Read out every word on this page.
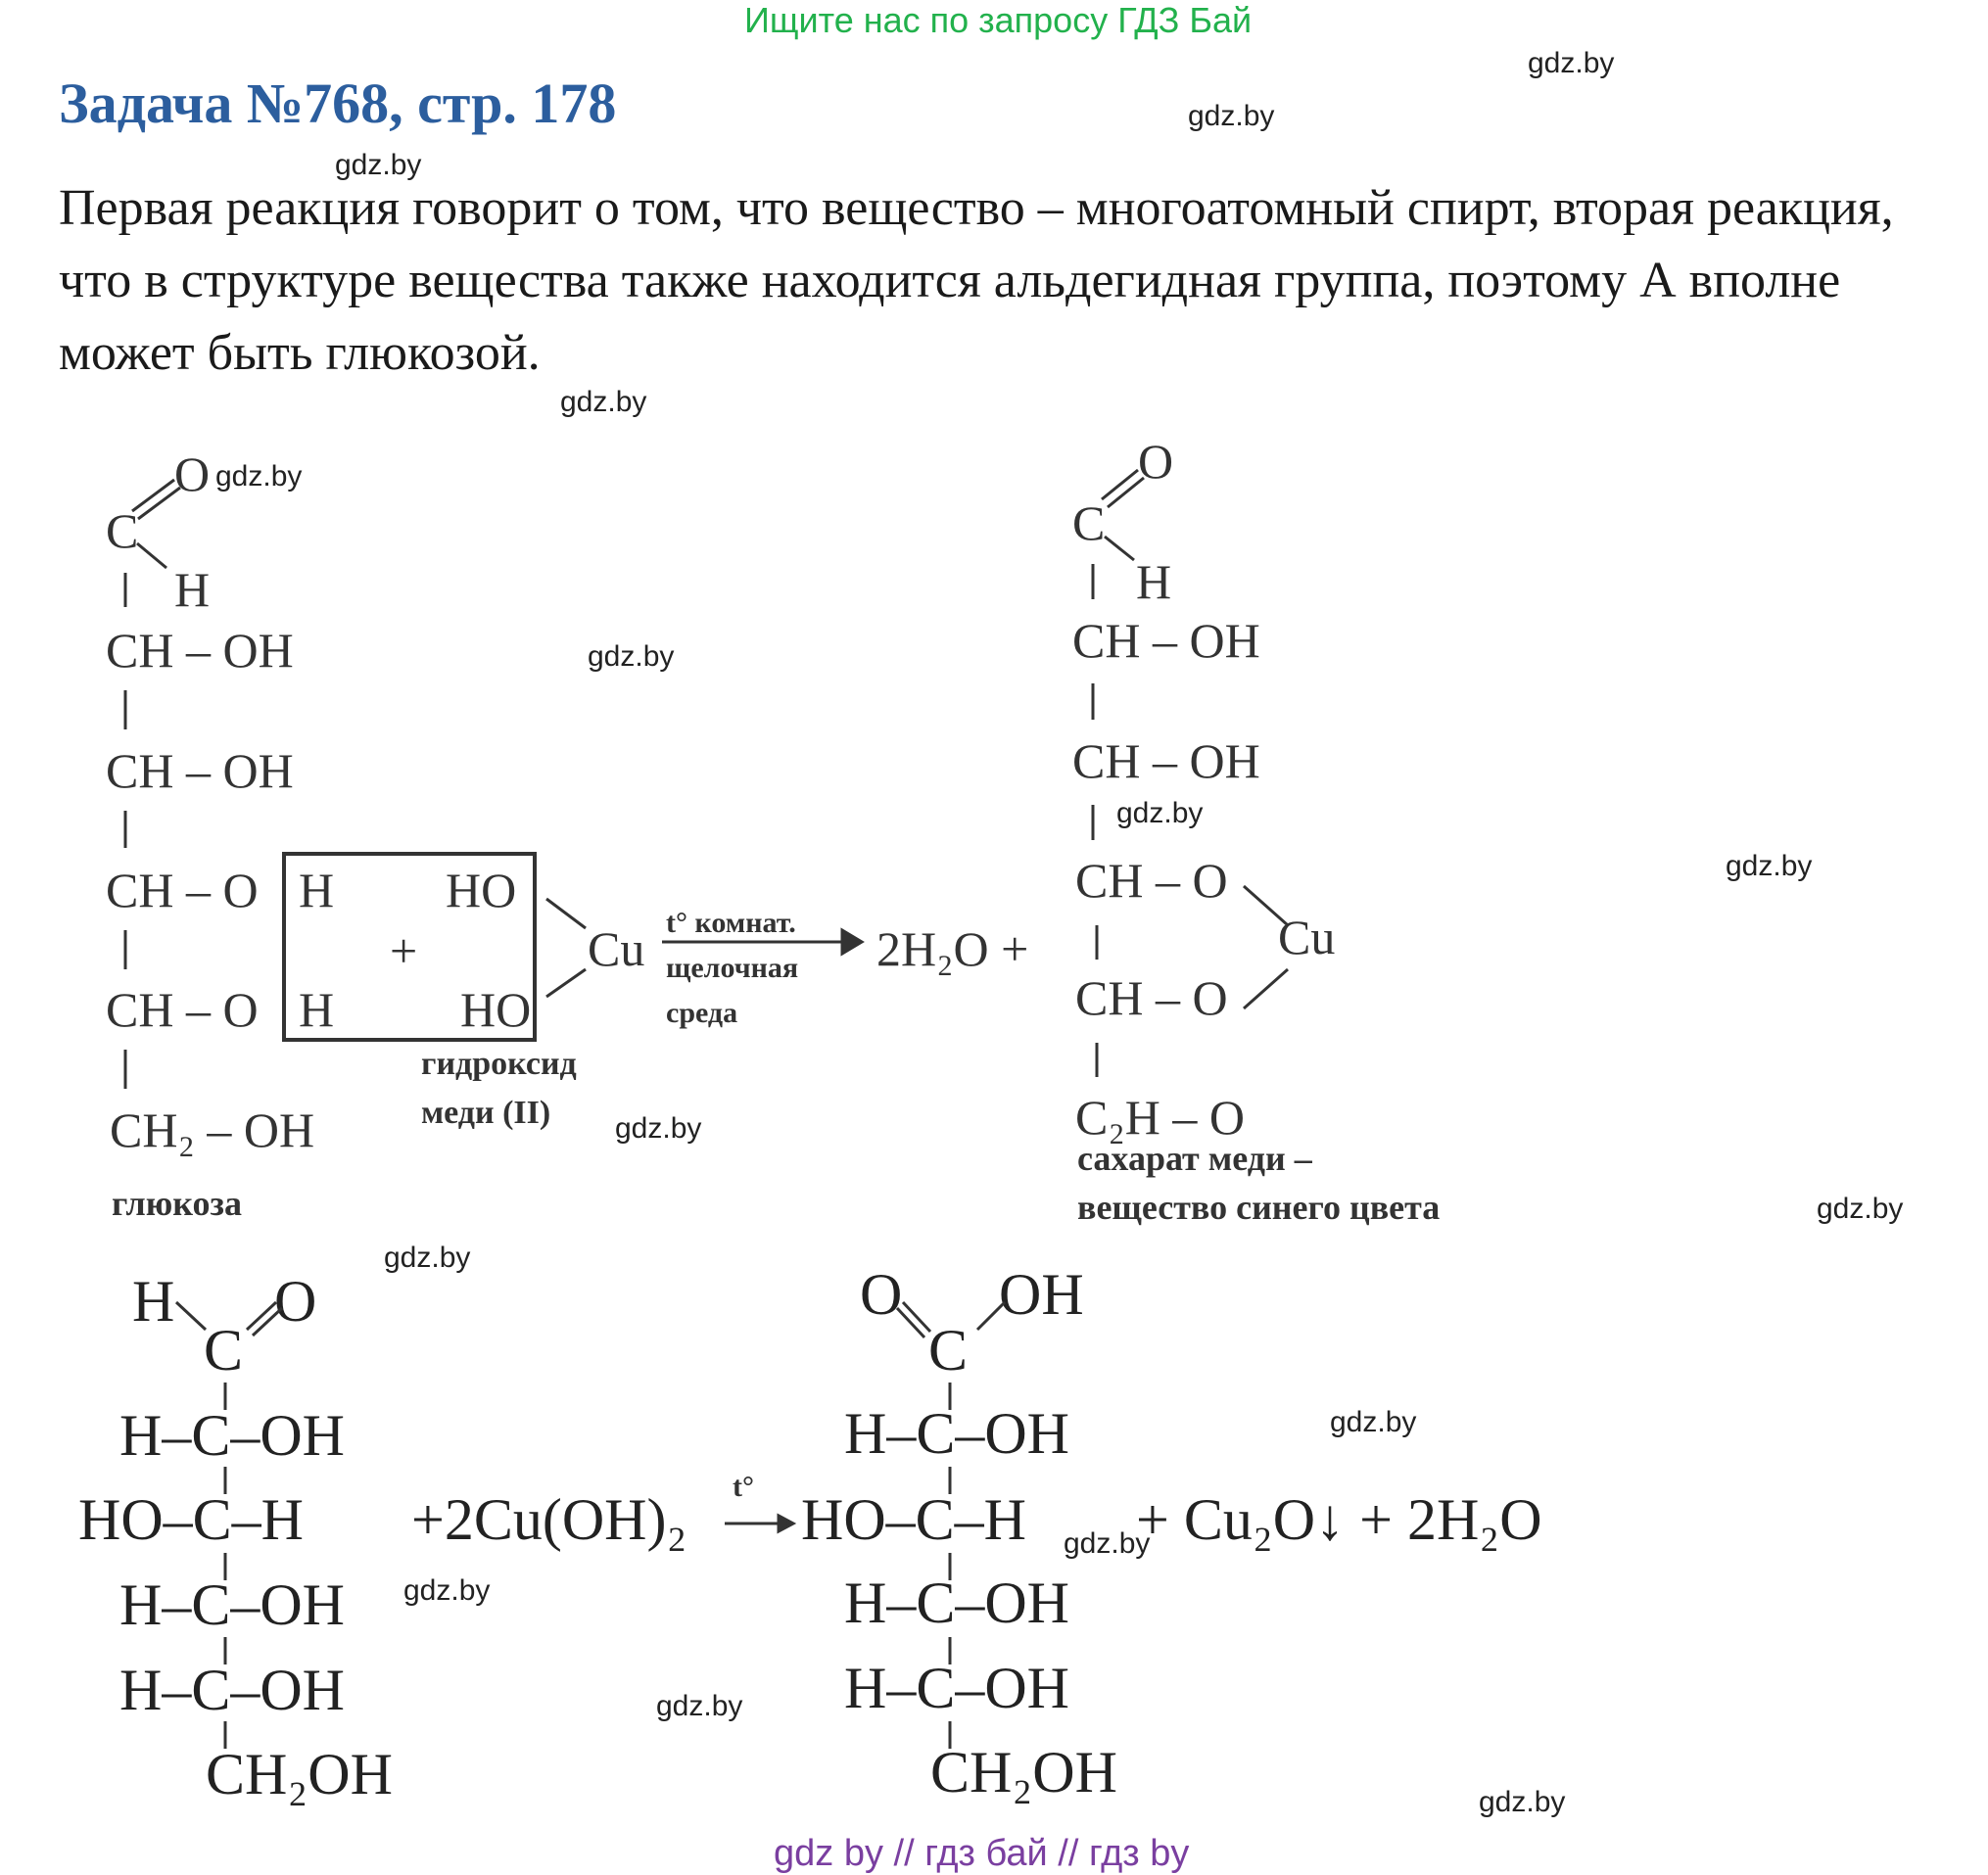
Ищите нас по запросу ГДЗ Бай
Задача №768, стр. 178
gdz.by
gdz.by
gdz.by
Первая реакция говорит о том, что вещество – многоатомный спирт, вторая реакция, что в структуре вещества также находится альдегидная группа, поэтому А вполне может быть глюкозой.
gdz.by
O gdz.by
C
H
CH – OH
CH – OH
CH – O
CH – O
CH₂ – OH
глюкоза
H
H
HO
HO
+	Cu
гидроксид
меди (II) gdz.by
t° комнат.
щелочная
среда
2H₂O +
O
C
H
CH – OH
CH – OH
gdz.by
CH – O
CH – O
Cu
C₂H – O
сахарат меди –
вещество синего цвета
gdz.by
gdz.by
gdz.by
gdz.by
H O
C
H–C–OH
HO–C–H
H–C–OH
H–C–OH
CH₂OH
gdz.by
+2Cu(OH)₂
t°
O OH
C
H–C–OH
HO–C–H
H–C–OH
H–C–OH
CH₂OH
gdz.by
+ Cu₂O↓ + 2H₂O
gdz.by
gdz.by
gdz.by
gdz by // гдз бай // гдз by
